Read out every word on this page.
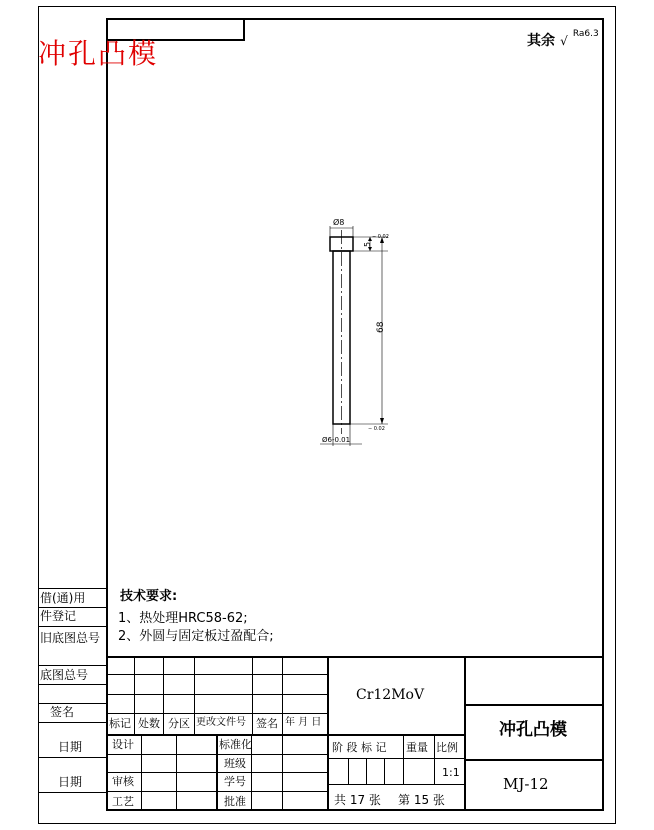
冲孔凸模	其余 √ $^{Ra6.3}$
Ø8
5
68
− 0.02
− 0.02
Ø6-0.01
借(通)用
件登记
旧底图总号
底图总号
签名
日期
日期
技术要求:
1、热处理HRC58-62;
2、外圆与固定板过盈配合;
标记 处数 分区 更改文件号 签名 年 月 日
设计
审核
工艺
标准化
班级
学号
批准
Cr12MoV
阶 段 标 记 重量 比例
1:1
共 17 张 第 15 张
冲孔凸模
MJ-12
